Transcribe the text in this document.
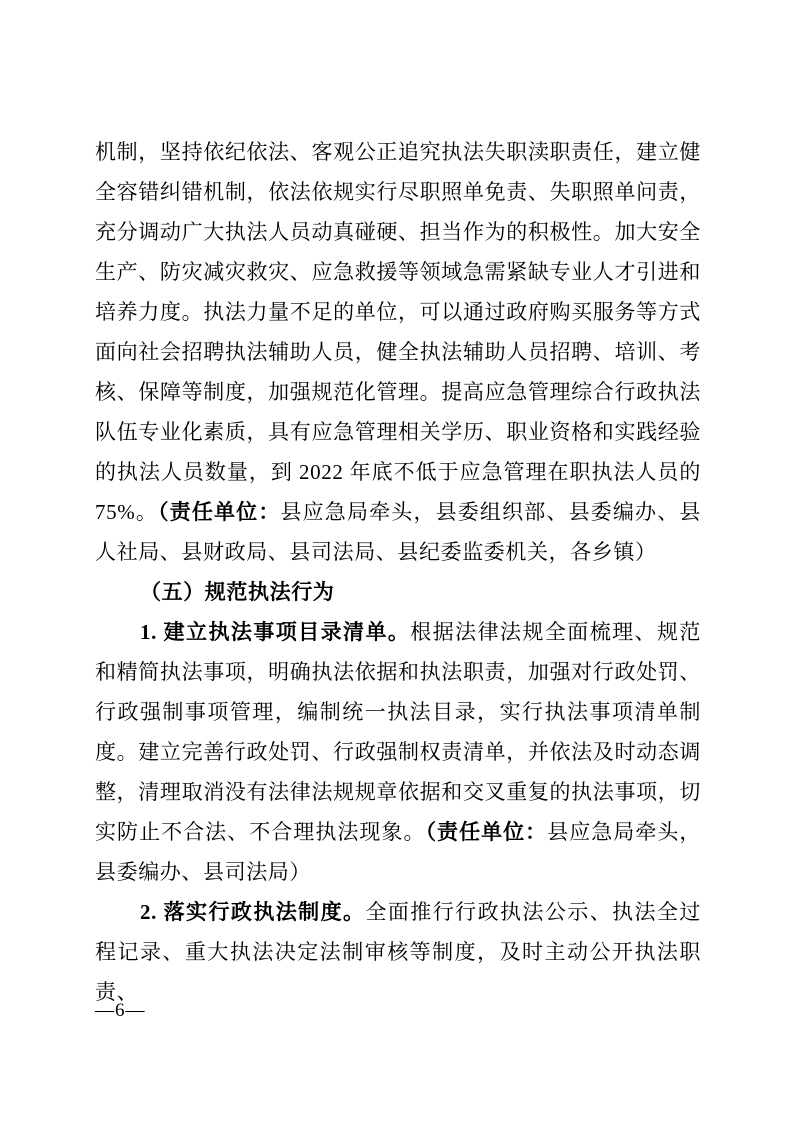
机制，坚持依纪依法、客观公正追究执法失职渎职责任，建立健全容错纠错机制，依法依规实行尽职照单免责、失职照单问责，充分调动广大执法人员动真碰硬、担当作为的积极性。加大安全生产、防灾减灾救灾、应急救援等领域急需紧缺专业人才引进和培养力度。执法力量不足的单位，可以通过政府购买服务等方式面向社会招聘执法辅助人员，健全执法辅助人员招聘、培训、考核、保障等制度，加强规范化管理。提高应急管理综合行政执法队伍专业化素质，具有应急管理相关学历、职业资格和实践经验的执法人员数量，到 2022 年底不低于应急管理在职执法人员的75%。（责任单位：县应急局牵头，县委组织部、县委编办、县人社局、县财政局、县司法局、县纪委监委机关，各乡镇）

（五）规范执法行为

1. 建立执法事项目录清单。根据法律法规全面梳理、规范和精简执法事项，明确执法依据和执法职责，加强对行政处罚、行政强制事项管理，编制统一执法目录，实行执法事项清单制度。建立完善行政处罚、行政强制权责清单，并依法及时动态调整，清理取消没有法律法规规章依据和交叉重复的执法事项，切实防止不合法、不合理执法现象。（责任单位：县应急局牵头，县委编办、县司法局）

2. 落实行政执法制度。全面推行行政执法公示、执法全过程记录、重大执法决定法制审核等制度，及时主动公开执法职责、

—6—
